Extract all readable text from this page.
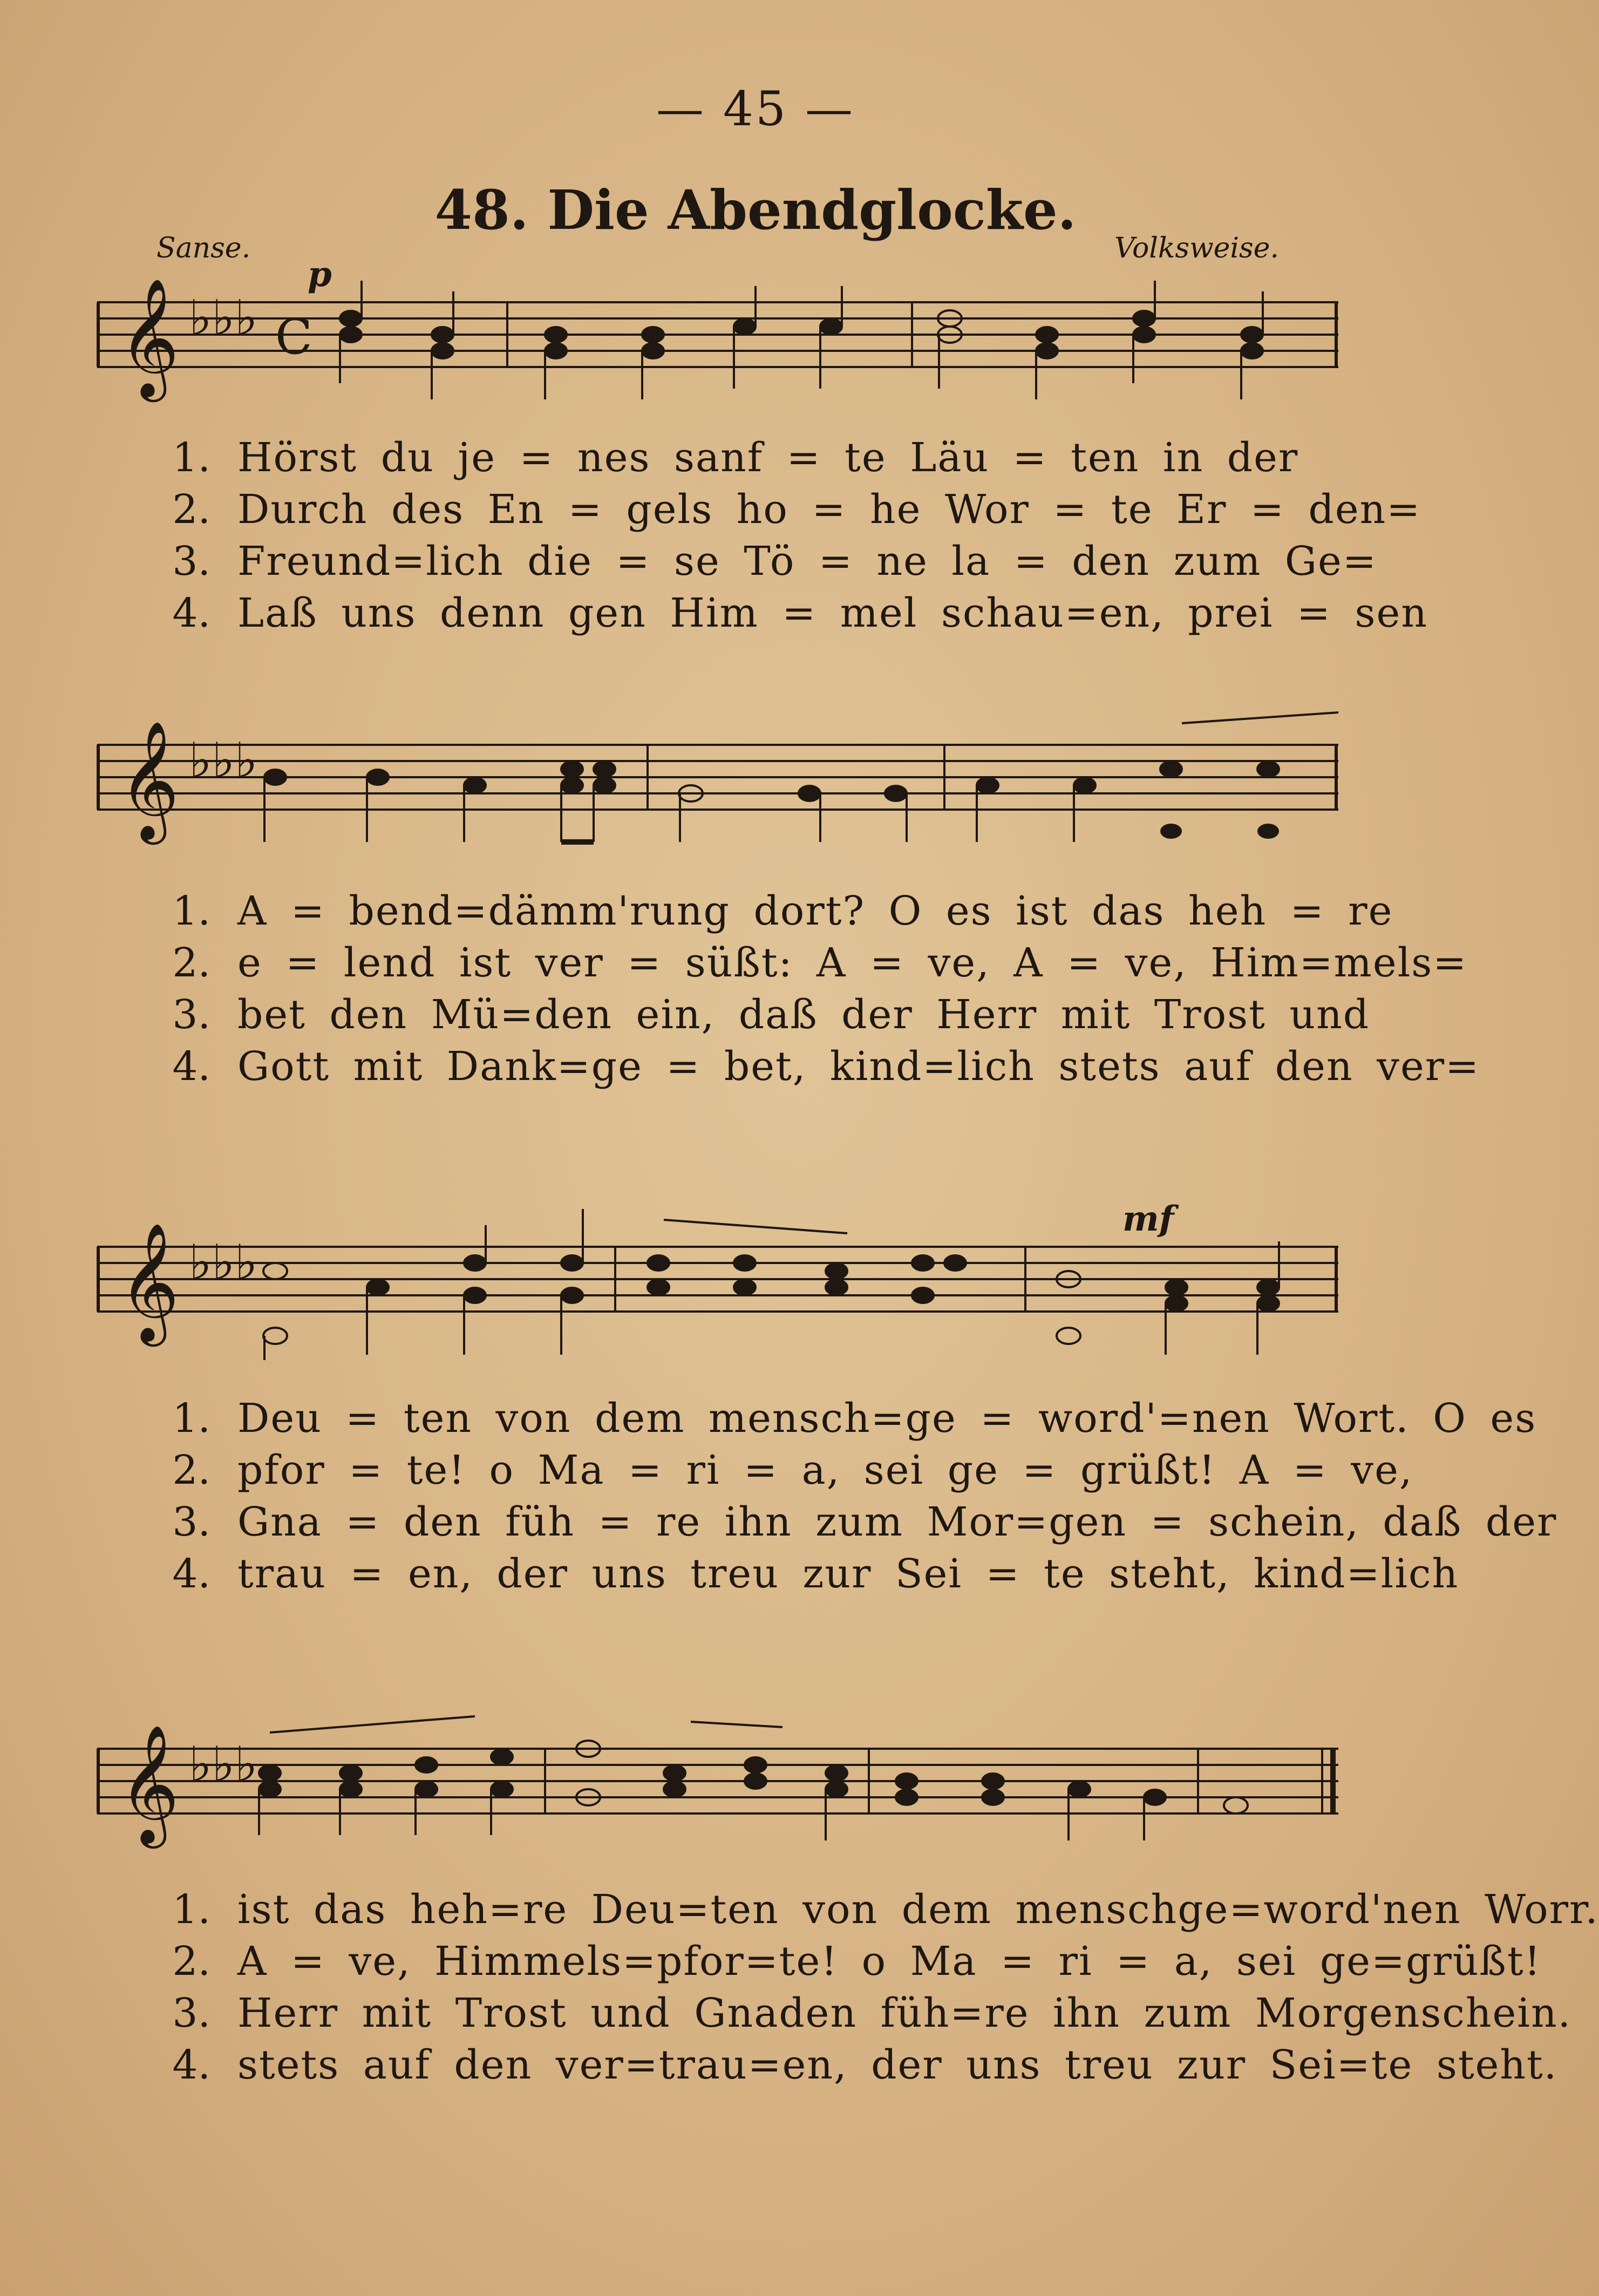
— 45 —
48. Die Abendglocke.
Sanse.	Volksweise.
𝄞 ♭♭♭ C
p
1. Hörst du je = nes sanf = te Läu = ten in der
2. Durch des En = gels ho = he Wor = te Er = den=
3. Freund=lich die = se Tö = ne la = den zum Ge=
4. Laß uns denn gen Him = mel schau=en, prei = sen
𝄞 ♭♭♭
1. A = bend=dämm'rung dort? O es ist das heh = re
2. e = lend ist ver = süßt: A = ve, A = ve, Him=mels=
3. bet den Mü=den ein, daß der Herr mit Trost und
4. Gott mit Dank=ge = bet, kind=lich stets auf den ver=
𝄞 ♭♭♭
mf
1. Deu = ten von dem mensch=ge = word'=nen Wort. O es
2. pfor = te! o Ma = ri = a, sei ge = grüßt! A = ve,
3. Gna = den füh = re ihn zum Mor=gen = schein, daß der
4. trau = en, der uns treu zur Sei = te steht, kind=lich
𝄞 ♭♭♭
1. ist das heh=re Deu=ten von dem menschge=word'nen Worr.
2. A = ve, Himmels=pfor=te! o Ma = ri = a, sei ge=grüßt!
3. Herr mit Trost und Gnaden füh=re ihn zum Morgenschein.
4. stets auf den ver=trau=en, der uns treu zur Sei=te steht.
